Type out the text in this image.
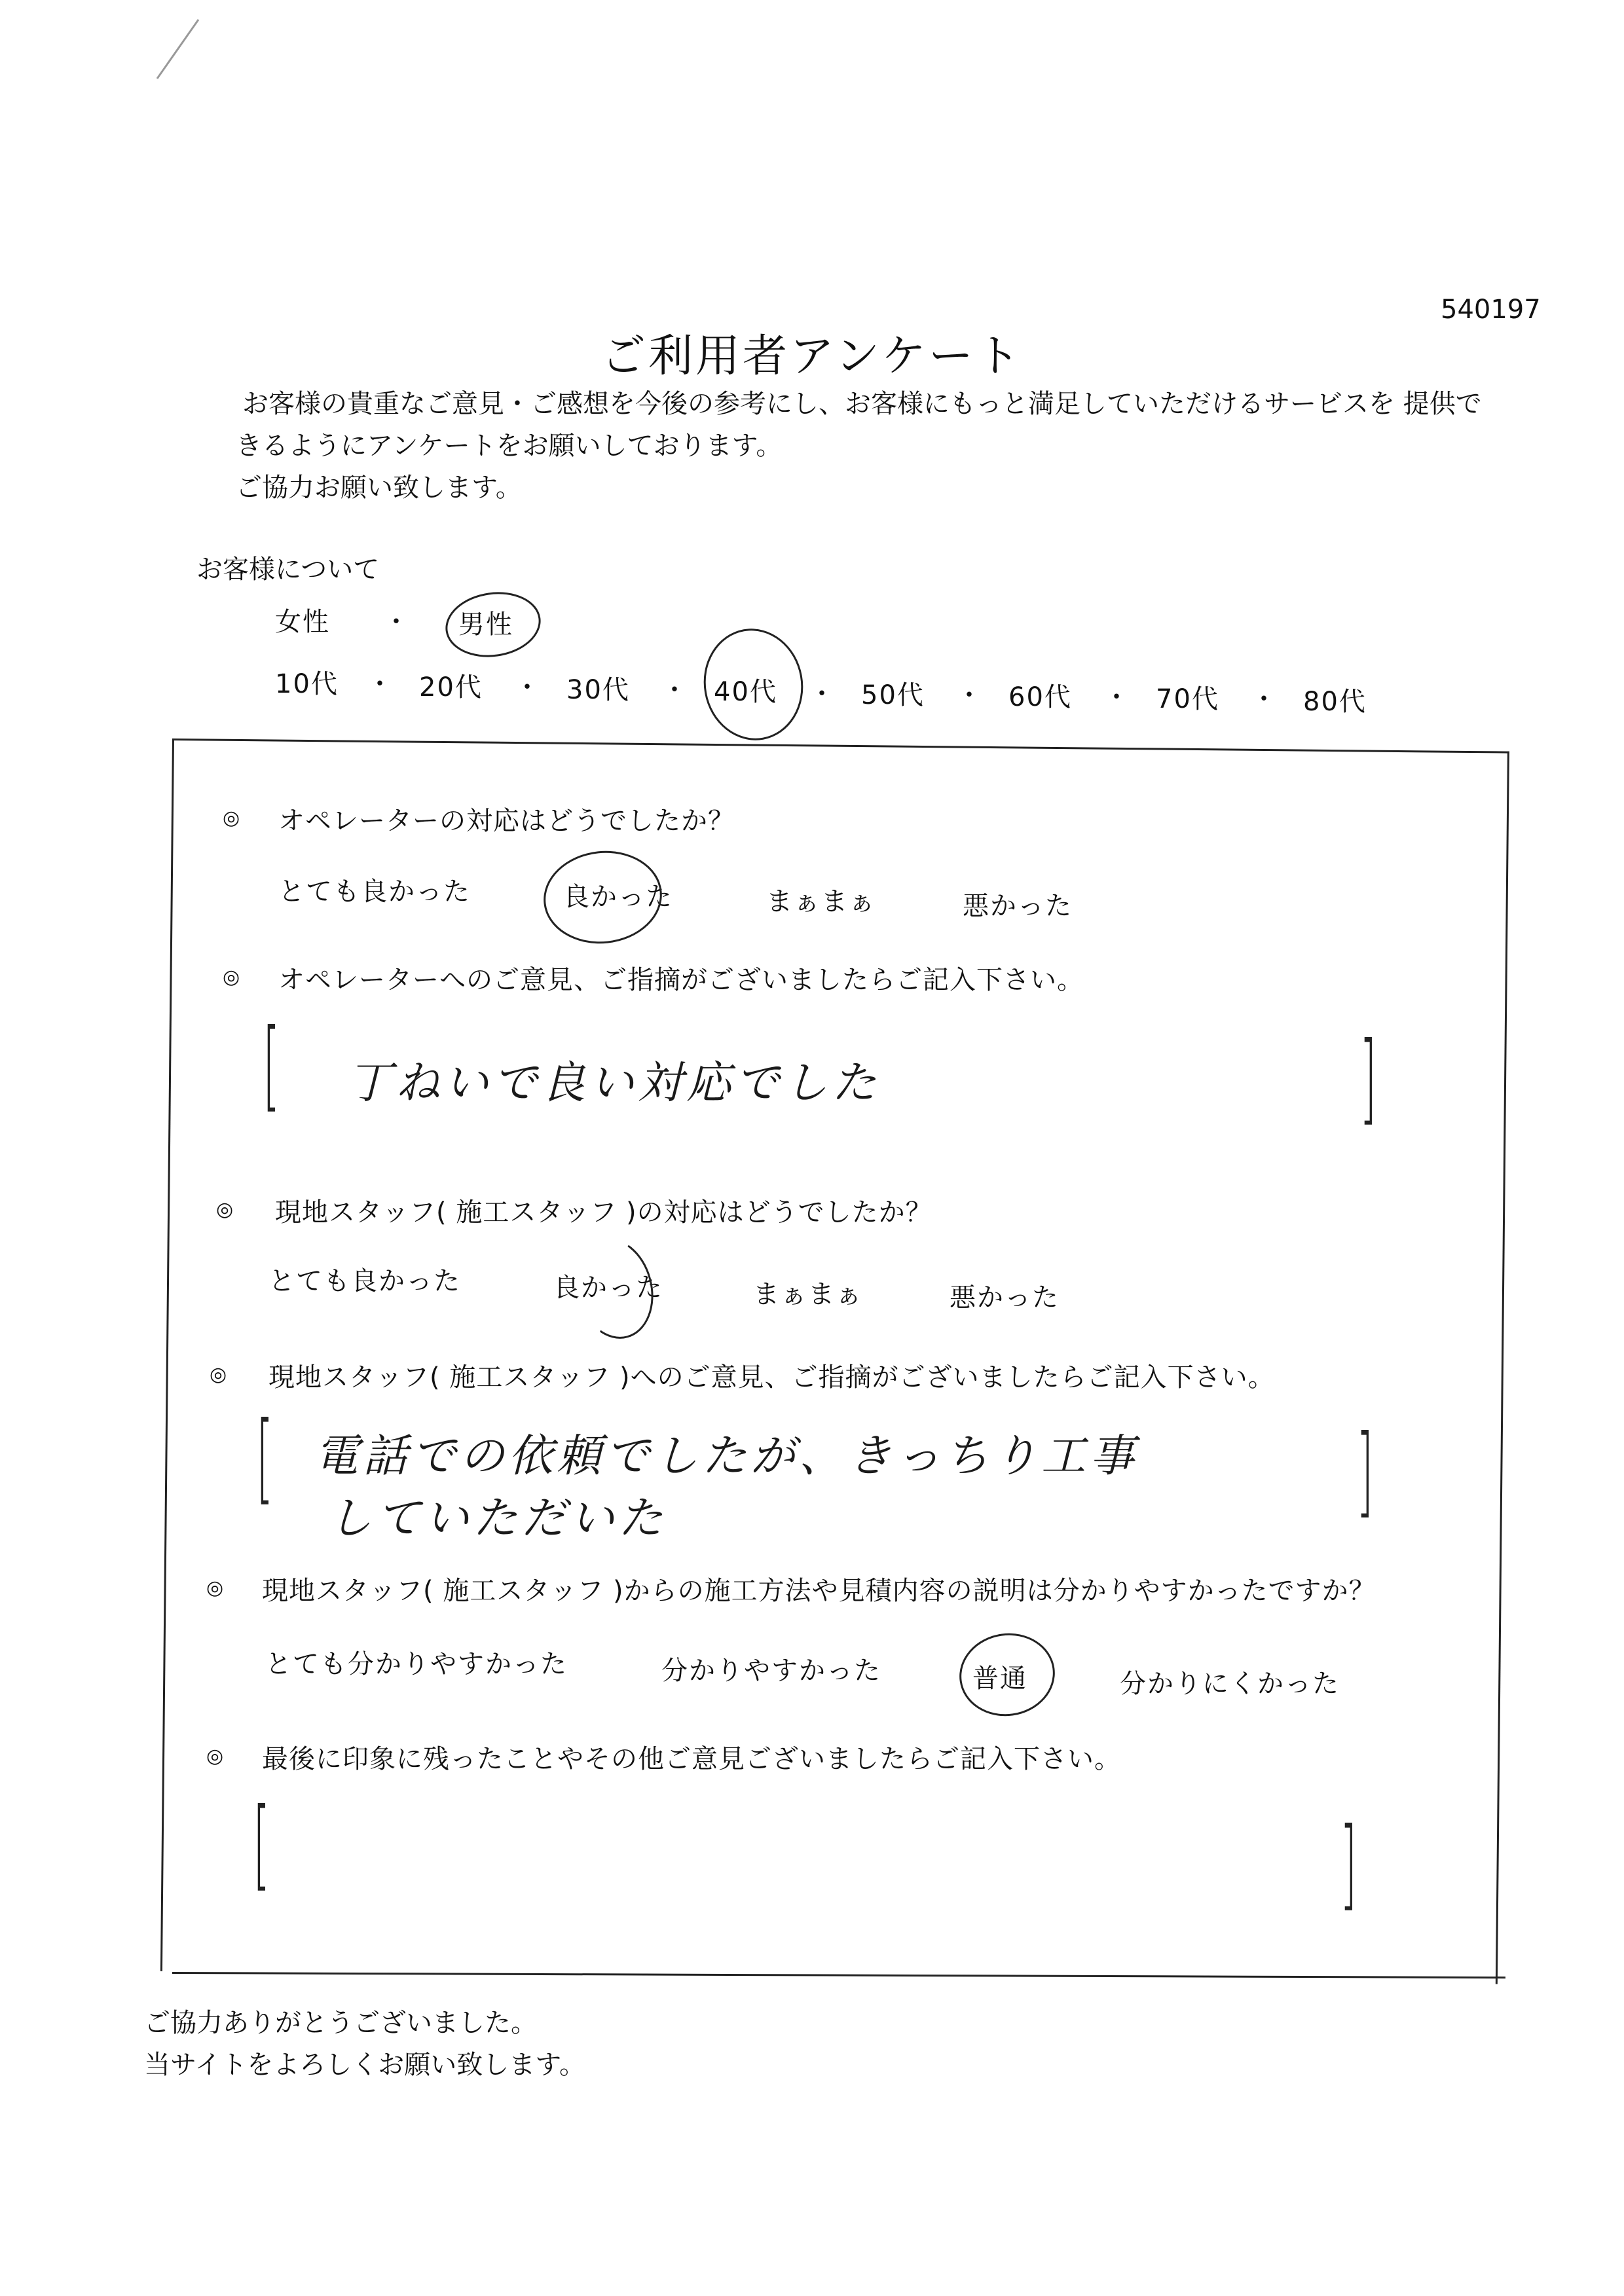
540197
ご利用者アンケート
お客様の貴重なご意見・ご感想を今後の参考にし、お客様にもっと満足していただけるサービスを 提供で
きるようにアンケートをお願いしております。
ご協力お願い致します。
お客様について
女性 ・ 男性
10代 ・ 20代 ・ 30代 ・ 40代 ・ 50代 ・ 60代 ・ 70代 ・ 80代
◎ オペレーターの対応はどうでしたか？
とても良かった	良かった	まぁまぁ	悪かった
◎ オペレーターへのご意見、ご指摘がございましたらご記入下さい。
[ 丁ねいで良い対応でした	]
◎ 現地スタッフ( 施工スタッフ )の対応はどうでしたか？
とても良かった	良かった	まぁまぁ	悪かった
◎ 現地スタッフ( 施工スタッフ )へのご意見、ご指摘がございましたらご記入下さい。
[ 電話での依頼でしたが、きっちり工事
していただいた	]
◎ 現地スタッフ( 施工スタッフ )からの施工方法や見積内容の説明は分かりやすかったですか？
とても分かりやすかった	分かりやすかった	普通	分かりにくかった
◎ 最後に印象に残ったことやその他ご意見ございましたらご記入下さい。
[	]
ご協力ありがとうございました。
当サイトをよろしくお願い致します。
